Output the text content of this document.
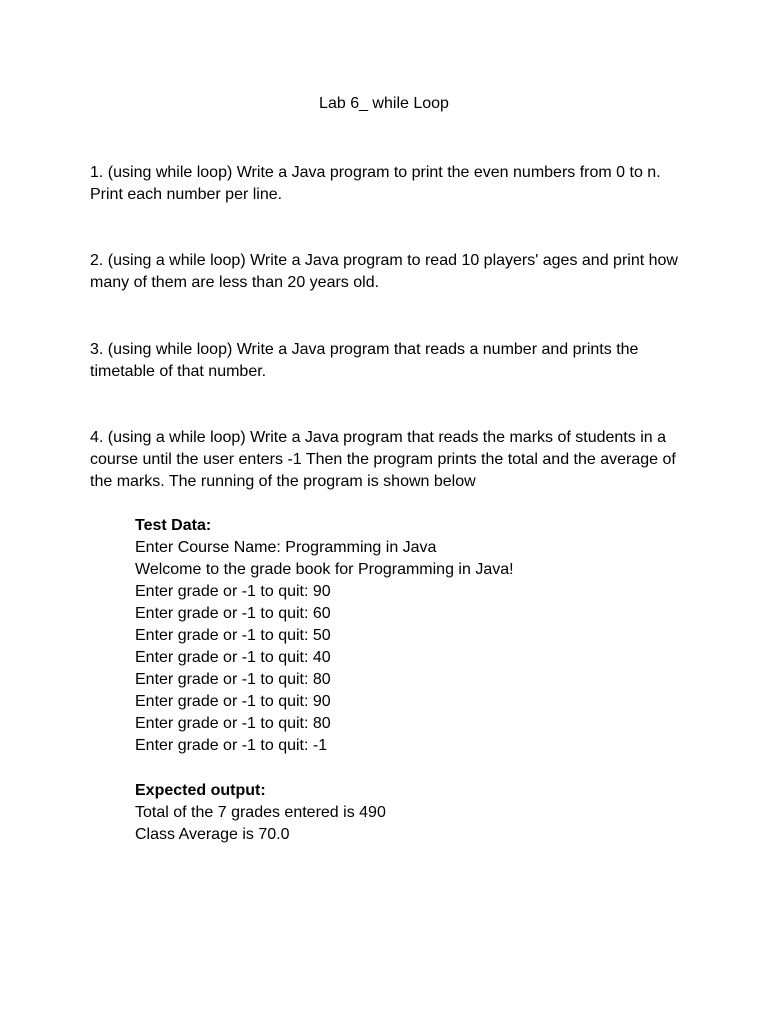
Lab 6_ while Loop

1. (using while loop) Write a Java program to print the even numbers from 0 to n. Print each number per line.

2. (using a while loop) Write a Java program to read 10 players' ages and print how many of them are less than 20 years old.

3. (using while loop) Write a Java program that reads a number and prints the timetable of that number.

4. (using a while loop) Write a Java program that reads the marks of students in a course until the user enters -1 Then the program prints the total and the average of the marks. The running of the program is shown below

Test Data:
Enter Course Name: Programming in Java
Welcome to the grade book for Programming in Java!
Enter grade or -1 to quit: 90
Enter grade or -1 to quit: 60
Enter grade or -1 to quit: 50
Enter grade or -1 to quit: 40
Enter grade or -1 to quit: 80
Enter grade or -1 to quit: 90
Enter grade or -1 to quit: 80
Enter grade or -1 to quit: -1
Expected output:
Total of the 7 grades entered is 490
Class Average is 70.0
